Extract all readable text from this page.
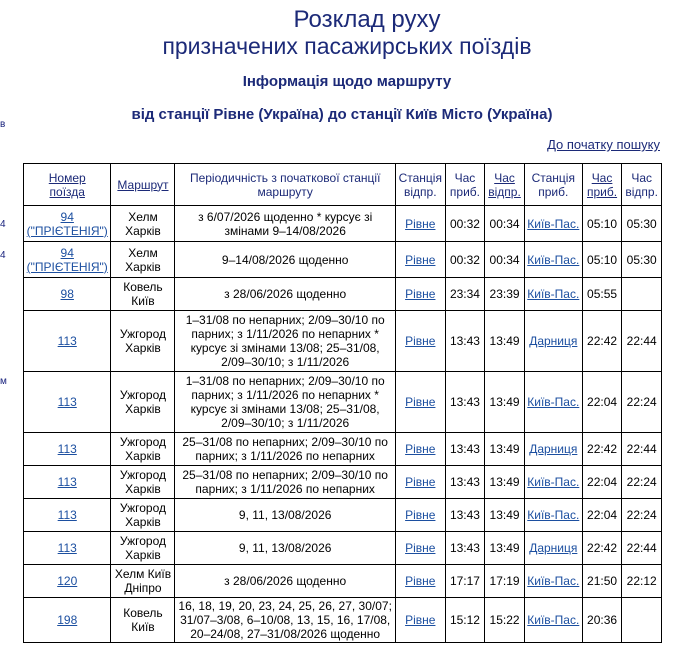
в
4
4
м
Розклад руху
призначених пасажирських поїздів
Інформація щодо маршруту
від станції Рівне (Україна) до станції Київ Місто (Україна)
До початку пошуку
Номер
поїзда	Маршрут	Періодичність з початкової станції маршруту	Станція відпр.	Час приб.	Час відпр.	Станція приб.	Час приб.	Час відпр.
94
("ПРІЄТЕНІЯ")	Хелм Харків	з 6/07/2026 щоденно * курсує зі змінами 9–14/08/2026	Рівне	00:32	00:34	Київ-Пас.	05:10	05:30
94
("ПРІЄТЕНІЯ")	Хелм Харків	9–14/08/2026 щоденно	Рівне	00:32	00:34	Київ-Пас.	05:10	05:30
98	Ковель Київ	з 28/06/2026 щоденно	Рівне	23:34	23:39	Київ-Пас.	05:55	
113	Ужгород Харків	1–31/08 по непарних; 2/09–30/10 по парних; з 1/11/2026 по непарних * курсує зі змінами 13/08; 25–31/08, 2/09–30/10; з 1/11/2026	Рівне	13:43	13:49	Дарниця	22:42	22:44
113	Ужгород Харків	1–31/08 по непарних; 2/09–30/10 по парних; з 1/11/2026 по непарних * курсує зі змінами 13/08; 25–31/08, 2/09–30/10; з 1/11/2026	Рівне	13:43	13:49	Київ-Пас.	22:04	22:24
113	Ужгород Харків	25–31/08 по непарних; 2/09–30/10 по парних; з 1/11/2026 по непарних	Рівне	13:43	13:49	Дарниця	22:42	22:44
113	Ужгород Харків	25–31/08 по непарних; 2/09–30/10 по парних; з 1/11/2026 по непарних	Рівне	13:43	13:49	Київ-Пас.	22:04	22:24
113	Ужгород Харків	9, 11, 13/08/2026	Рівне	13:43	13:49	Київ-Пас.	22:04	22:24
113	Ужгород Харків	9, 11, 13/08/2026	Рівне	13:43	13:49	Дарниця	22:42	22:44
120	Хелм Київ Дніпро	з 28/06/2026 щоденно	Рівне	17:17	17:19	Київ-Пас.	21:50	22:12
198	Ковель Київ	16, 18, 19, 20, 23, 24, 25, 26, 27, 30/07; 31/07–3/08, 6–10/08, 13, 15, 16, 17/08, 20–24/08, 27–31/08/2026 щоденно	Рівне	15:12	15:22	Київ-Пас.	20:36	
